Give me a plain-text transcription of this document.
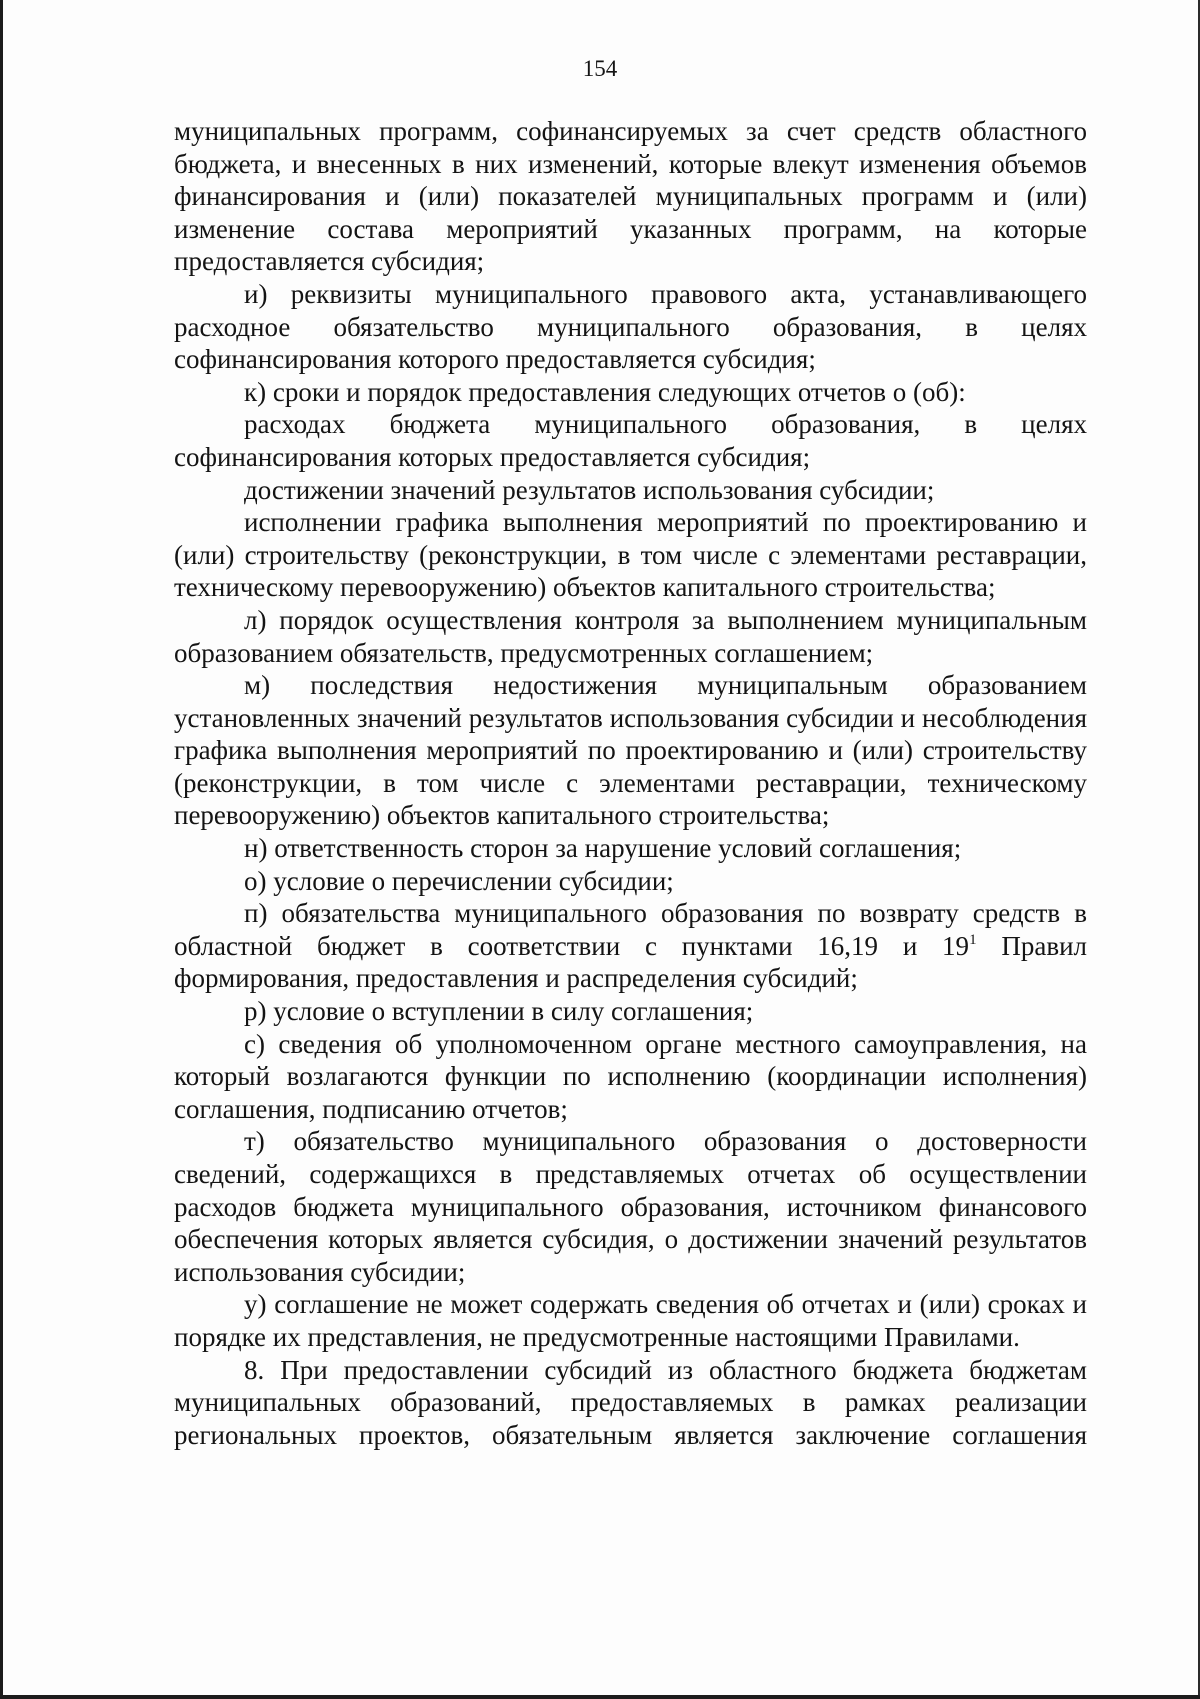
154

муниципальных программ, софинансируемых за счет средств областного бюджета, и внесенных в них изменений, которые влекут изменения объемов финансирования и (или) показателей муниципальных программ и (или) изменение состава мероприятий указанных программ, на которые предоставляется субсидия;

и) реквизиты муниципального правового акта, устанавливающего расходное обязательство муниципального образования, в целях софинансирования которого предоставляется субсидия;

к) сроки и порядок предоставления следующих отчетов о (об):

расходах бюджета муниципального образования, в целях софинансирования которых предоставляется субсидия;

достижении значений результатов использования субсидии;

исполнении графика выполнения мероприятий по проектированию и (или) строительству (реконструкции, в том числе с элементами реставрации, техническому перевооружению) объектов капитального строительства;

л) порядок осуществления контроля за выполнением муниципальным образованием обязательств, предусмотренных соглашением;

м) последствия недостижения муниципальным образованием установленных значений результатов использования субсидии и несоблюдения графика выполнения мероприятий по проектированию и (или) строительству (реконструкции, в том числе с элементами реставрации, техническому перевооружению) объектов капитального строительства;

н) ответственность сторон за нарушение условий соглашения;

о) условие о перечислении субсидии;

п) обязательства муниципального образования по возврату средств в областной бюджет в соответствии с пунктами 16,19 и $19^1$ Правил формирования, предоставления и распределения субсидий;

р) условие о вступлении в силу соглашения;

с) сведения об уполномоченном органе местного самоуправления, на который возлагаются функции по исполнению (координации исполнения) соглашения, подписанию отчетов;

т) обязательство муниципального образования о достоверности сведений, содержащихся в представляемых отчетах об осуществлении расходов бюджета муниципального образования, источником финансового обеспечения которых является субсидия, о достижении значений результатов использования субсидии;

у) соглашение не может содержать сведения об отчетах и (или) сроках и порядке их представления, не предусмотренные настоящими Правилами.

8. При предоставлении субсидий из областного бюджета бюджетам муниципальных образований, предоставляемых в рамках реализации региональных проектов, обязательным является заключение соглашения
